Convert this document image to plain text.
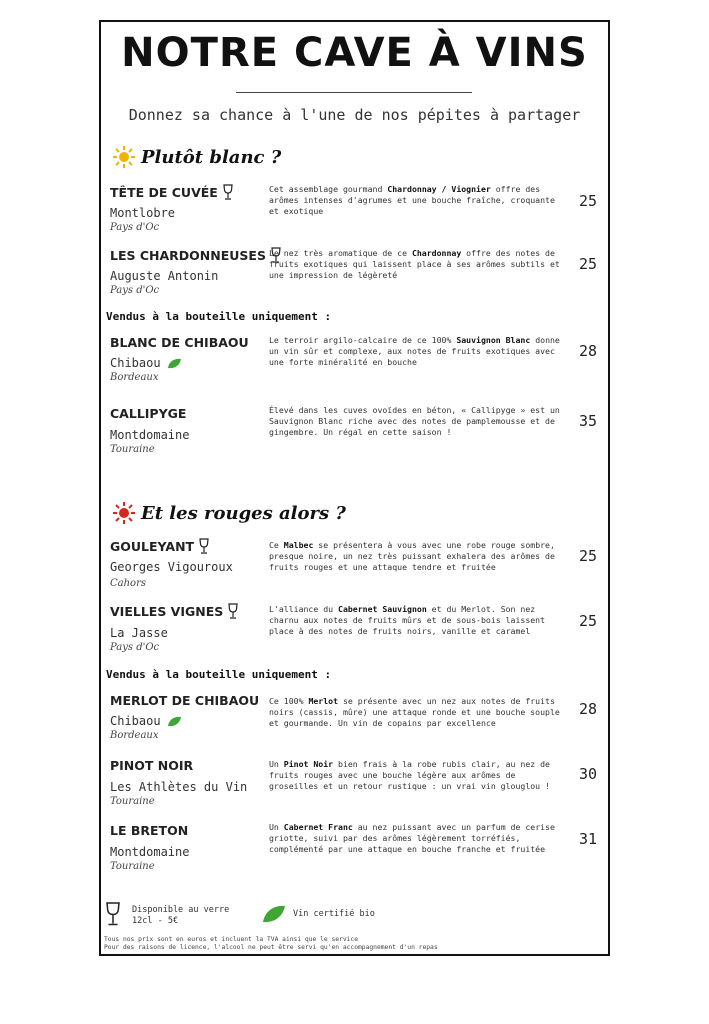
NOTRE CAVE À VINS
Donnez sa chance à l'une de nos pépites à partager
Plutôt blanc ?
TÊTE DE CUVÉE
Montlobre
Pays d'Oc
Cet assemblage gourmand Chardonnay / Viognier offre des arômes intenses d'agrumes et une bouche fraîche, croquante et exotique
25
LES CHARDONNEUSES
Auguste Antonin
Pays d'Oc
Le nez très aromatique de ce Chardonnay offre des notes de fruits exotiques qui laissent place à ses arômes subtils et une impression de légèreté
25
Vendus à la bouteille uniquement :
BLANC DE CHIBAOU
Chibaou
Bordeaux
Le terroir argilo-calcaire de ce 100% Sauvignon Blanc donne un vin sûr et complexe, aux notes de fruits exotiques avec une forte minéralité en bouche
28
CALLIPYGE
Montdomaine
Touraine
Élevé dans les cuves ovoïdes en béton, « Callipyge » est un Sauvignon Blanc riche avec des notes de pamplemousse et de gingembre. Un régal en cette saison !
35
Et les rouges alors ?
GOULEYANT
Georges Vigouroux
Cahors
Ce Malbec se présentera à vous avec une robe rouge sombre, presque noire, un nez très puissant exhalera des arômes de fruits rouges et une attaque tendre et fruitée
25
VIELLES VIGNES
La Jasse
Pays d'Oc
L'alliance du Cabernet Sauvignon et du Merlot. Son nez charnu aux notes de fruits mûrs et de sous-bois laissent place à des notes de fruits noirs, vanille et caramel
25
Vendus à la bouteille uniquement :
MERLOT DE CHIBAOU
Chibaou
Bordeaux
Ce 100% Merlot se présente avec un nez aux notes de fruits noirs (cassis, mûre) une attaque ronde et une bouche souple et gourmande. Un vin de copains par excellence
28
PINOT NOIR
Les Athlètes du Vin
Touraine
Un Pinot Noir bien frais à la robe rubis clair, au nez de fruits rouges avec une bouche légère aux arômes de groseilles et un retour rustique : un vrai vin glouglou !
30
LE BRETON
Montdomaine
Touraine
Un Cabernet Franc au nez puissant avec un parfum de cerise griotte, suivi par des arômes légèrement torréfiés, complémenté par une attaque en bouche franche et fruitée
31
Disponible au verre
12cl - 5€
Vin certifié bio
Tous nos prix sont en euros et incluent la TVA ainsi que le service
Pour des raisons de licence, l'alcool ne peut être servi qu'en accompagnement d'un repas
